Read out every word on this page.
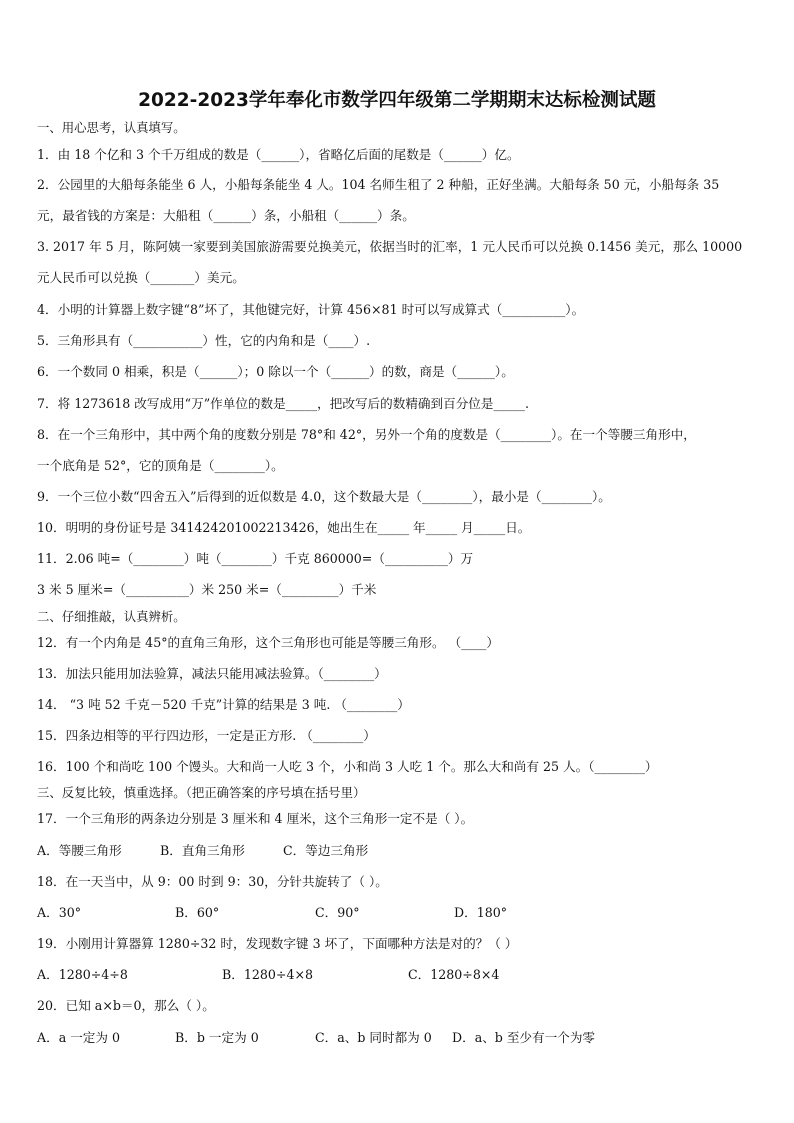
2022-2023学年奉化市数学四年级第二学期期末达标检测试题
一、用心思考，认真填写。
1．由 18 个亿和 3 个千万组成的数是（______），省略亿后面的尾数是（______）亿。
2．公园里的大船每条能坐 6 人，小船每条能坐 4 人。104 名师生租了 2 种船，正好坐满。大船每条 50 元，小船每条 35
元，最省钱的方案是：大船租（______）条，小船租（______）条。
3. 2017 年 5 月，陈阿姨一家要到美国旅游需要兑换美元，依据当时的汇率，1 元人民币可以兑换 0.1456 美元，那么 10000
元人民币可以兑换（_______）美元。
4．小明的计算器上数字键“8”坏了，其他键完好，计算 456×81 时可以写成算式（__________）。
5．三角形具有（___________）性，它的内角和是（____）.
6．一个数同 0 相乘，积是（______）；0 除以一个（______）的数，商是（______）。
7．将 1273618 改写成用“万”作单位的数是_____，把改写后的数精确到百分位是_____.
8．在一个三角形中，其中两个角的度数分别是 78°和 42°，另外一个角的度数是（________）。在一个等腰三角形中，
一个底角是 52°，它的顶角是（________）。
9．一个三位小数“四舍五入”后得到的近似数是 4.0，这个数最大是（________），最小是（________）。
10．明明的身份证号是 341424201002213426，她出生在_____ 年_____ 月_____日。
11．2.06 吨=（________）吨（________）千克 860000=（__________）万
3 米 5 厘米=（__________）米 250 米=（_________）千米
二、仔细推敲，认真辨析。
12．有一个内角是 45°的直角三角形，这个三角形也可能是等腰三角形。 （____）
13．加法只能用加法验算，减法只能用减法验算。（________）
14． “3 吨 52 千克－520 千克”计算的结果是 3 吨. （________）
15．四条边相等的平行四边形，一定是正方形. （________）
16．100 个和尚吃 100 个馒头。大和尚一人吃 3 个，小和尚 3 人吃 1 个。那么大和尚有 25 人。（________）
三、反复比较，慎重选择。（把正确答案的序号填在括号里）
17．一个三角形的两条边分别是 3 厘米和 4 厘米，这个三角形一定不是（ ）。
A．等腰三角形	B．直角三角形	C．等边三角形
18．在一天当中，从 9：00 时到 9：30，分针共旋转了（ ）。
A．30°	B．60°	C．90°	D．180°
19．小刚用计算器算 1280÷32 时，发现数字键 3 坏了，下面哪种方法是对的？（ ）
A．1280÷4÷8	B．1280÷4×8	C．1280÷8×4
20．已知 a×b＝0，那么（ ）。
A．a 一定为 0	B．b 一定为 0	C．a、b 同时都为 0 D．a、b 至少有一个为零
